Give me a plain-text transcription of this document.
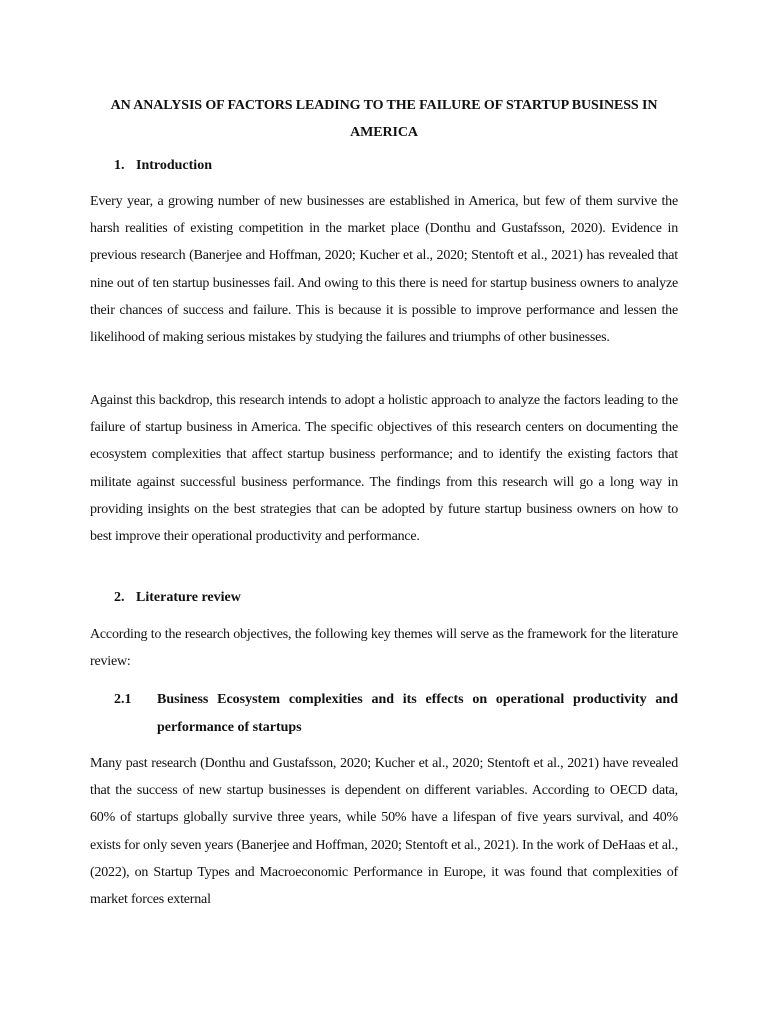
AN ANALYSIS OF FACTORS LEADING TO THE FAILURE OF STARTUP BUSINESS IN AMERICA
1. Introduction
Every year, a growing number of new businesses are established in America, but few of them survive the harsh realities of existing competition in the market place (Donthu and Gustafsson, 2020). Evidence in previous research (Banerjee and Hoffman, 2020; Kucher et al., 2020; Stentoft et al., 2021) has revealed that nine out of ten startup businesses fail. And owing to this there is need for startup business owners to analyze their chances of success and failure. This is because it is possible to improve performance and lessen the likelihood of making serious mistakes by studying the failures and triumphs of other businesses.
Against this backdrop, this research intends to adopt a holistic approach to analyze the factors leading to the failure of startup business in America. The specific objectives of this research centers on documenting the ecosystem complexities that affect startup business performance; and to identify the existing factors that militate against successful business performance. The findings from this research will go a long way in providing insights on the best strategies that can be adopted by future startup business owners on how to best improve their operational productivity and performance.
2. Literature review
According to the research objectives, the following key themes will serve as the framework for the literature review:
2.1 Business Ecosystem complexities and its effects on operational productivity and performance of startups
Many past research (Donthu and Gustafsson, 2020; Kucher et al., 2020; Stentoft et al., 2021) have revealed that the success of new startup businesses is dependent on different variables. According to OECD data, 60% of startups globally survive three years, while 50% have a lifespan of five years survival, and 40% exists for only seven years (Banerjee and Hoffman, 2020; Stentoft et al., 2021). In the work of DeHaas et al., (2022), on Startup Types and Macroeconomic Performance in Europe, it was found that complexities of market forces external
